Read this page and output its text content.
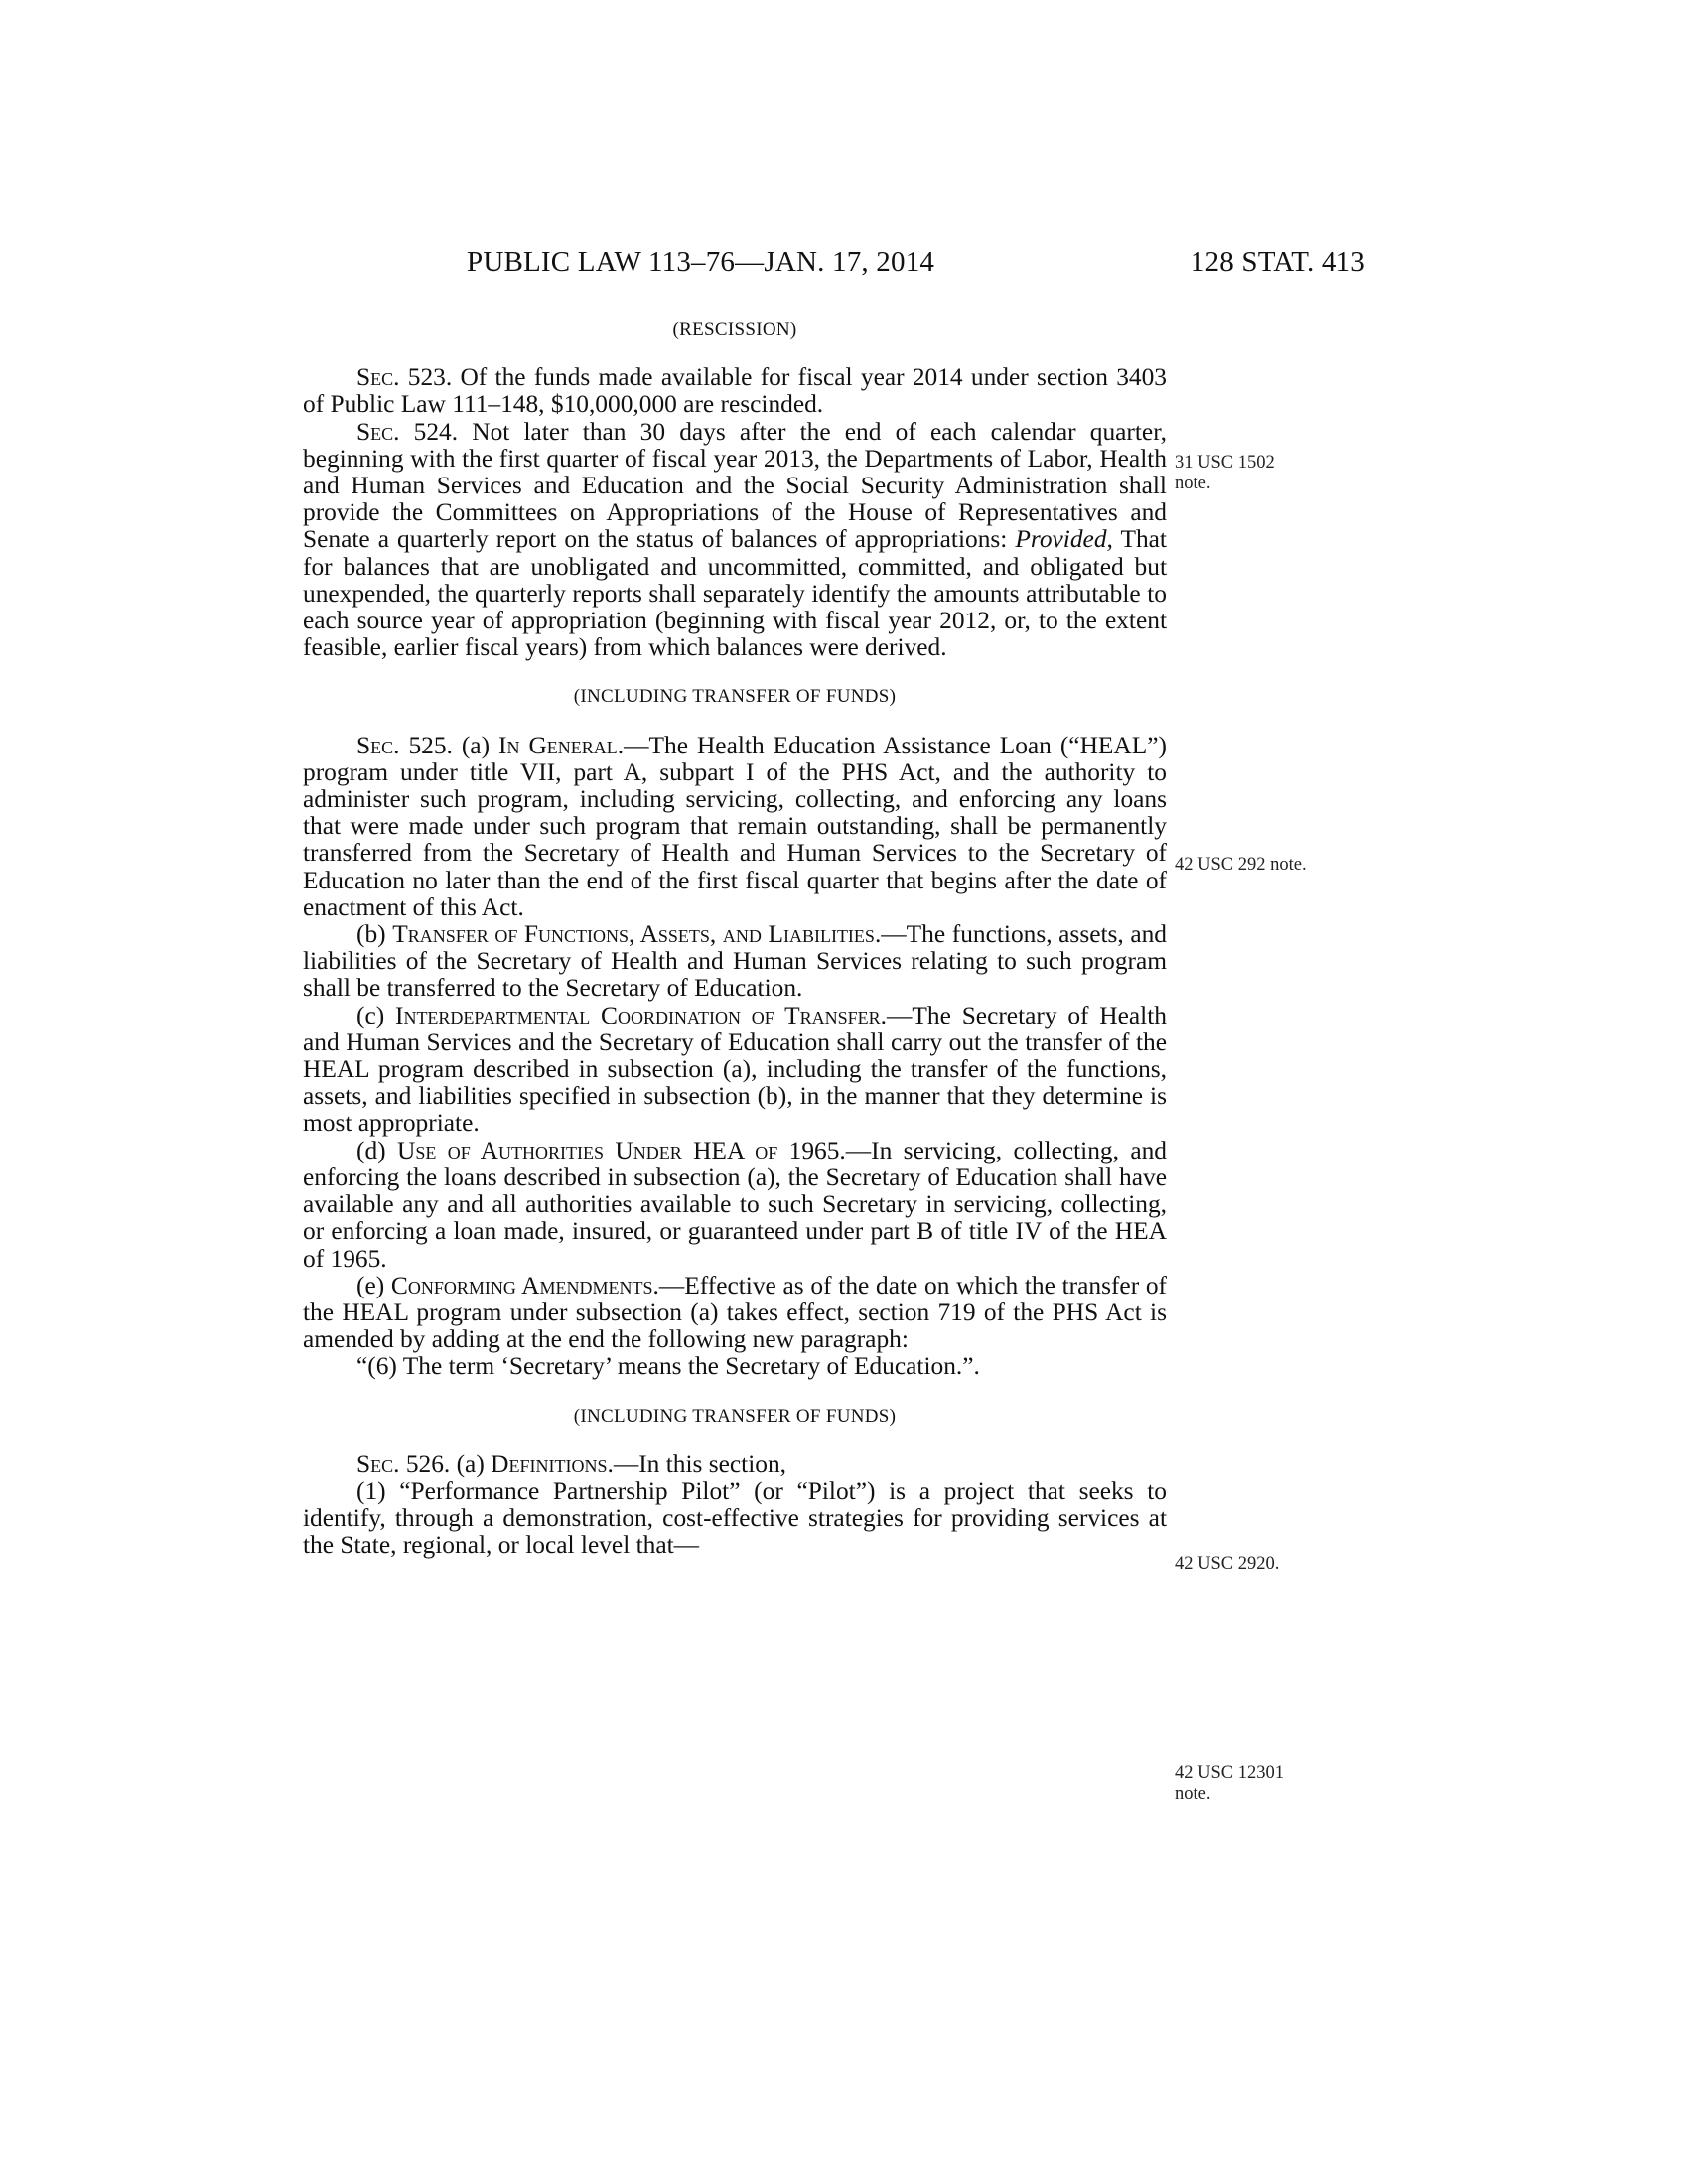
PUBLIC LAW 113–76—JAN. 17, 2014	128 STAT. 413

(RESCISSION)

Sec. 523. Of the funds made available for fiscal year 2014 under section 3403 of Public Law 111–148, $10,000,000 are rescinded.

Sec. 524. Not later than 30 days after the end of each calendar quarter, beginning with the first quarter of fiscal year 2013, the Departments of Labor, Health and Human Services and Education and the Social Security Administration shall provide the Committees on Appropriations of the House of Representatives and Senate a quarterly report on the status of balances of appropriations: Provided, That for balances that are unobligated and uncommitted, committed, and obligated but unexpended, the quarterly reports shall separately identify the amounts attributable to each source year of appropriation (beginning with fiscal year 2012, or, to the extent feasible, earlier fiscal years) from which balances were derived.

(INCLUDING TRANSFER OF FUNDS)

Sec. 525. (a) In General.—The Health Education Assistance Loan (“HEAL”) program under title VII, part A, subpart I of the PHS Act, and the authority to administer such program, including servicing, collecting, and enforcing any loans that were made under such program that remain outstanding, shall be permanently transferred from the Secretary of Health and Human Services to the Secretary of Education no later than the end of the first fiscal quarter that begins after the date of enactment of this Act.

(b) Transfer of Functions, Assets, and Liabilities.—The functions, assets, and liabilities of the Secretary of Health and Human Services relating to such program shall be transferred to the Secretary of Education.

(c) Interdepartmental Coordination of Transfer.—The Secretary of Health and Human Services and the Secretary of Education shall carry out the transfer of the HEAL program described in subsection (a), including the transfer of the functions, assets, and liabilities specified in subsection (b), in the manner that they determine is most appropriate.

(d) Use of Authorities Under HEA of 1965.—In servicing, collecting, and enforcing the loans described in subsection (a), the Secretary of Education shall have available any and all authorities available to such Secretary in servicing, collecting, or enforcing a loan made, insured, or guaranteed under part B of title IV of the HEA of 1965.

(e) Conforming Amendments.—Effective as of the date on which the transfer of the HEAL program under subsection (a) takes effect, section 719 of the PHS Act is amended by adding at the end the following new paragraph:

“(6) The term ‘Secretary’ means the Secretary of Education.”.

(INCLUDING TRANSFER OF FUNDS)

Sec. 526. (a) Definitions.—In this section,

(1) “Performance Partnership Pilot” (or “Pilot”) is a project that seeks to identify, through a demonstration, cost-effective strategies for providing services at the State, regional, or local level that—

31 USC 1502
note.
42 USC 292 note.
42 USC 2920.
42 USC 12301
note.
